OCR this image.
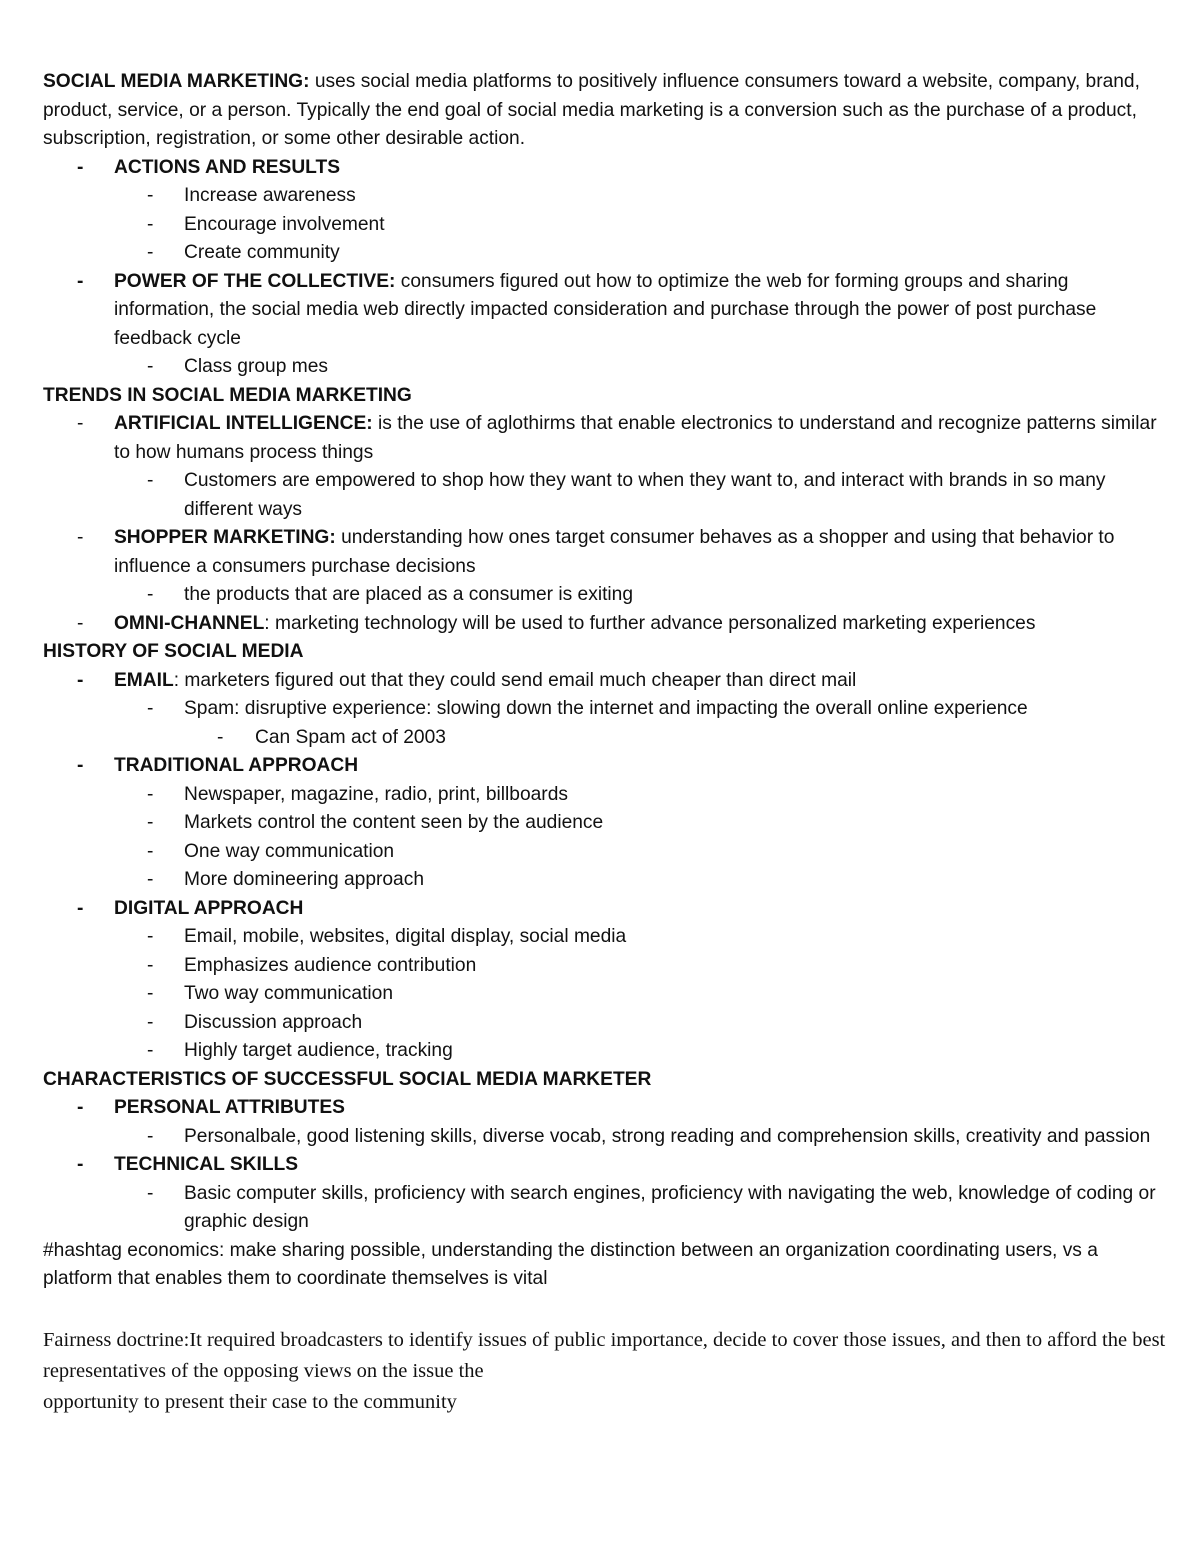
SOCIAL MEDIA MARKETING: uses social media platforms to positively influence consumers toward a website, company, brand, product, service, or a person. Typically the end goal of social media marketing is a conversion such as the purchase of a product, subscription, registration, or some other desirable action.

- ACTIONS AND RESULTS
- Increase awareness
- Encourage involvement
- Create community
- POWER OF THE COLLECTIVE: consumers figured out how to optimize the web for forming groups and sharing information, the social media web directly impacted consideration and purchase through the power of post purchase feedback cycle
- Class group mes
TRENDS IN SOCIAL MEDIA MARKETING
- ARTIFICIAL INTELLIGENCE: is the use of aglothirms that enable electronics to understand and recognize patterns similar to how humans process things
- Customers are empowered to shop how they want to when they want to, and interact with brands in so many different ways
- SHOPPER MARKETING: understanding how ones target consumer behaves as a shopper and using that behavior to influence a consumers purchase decisions
- the products that are placed as a consumer is exiting
- OMNI-CHANNEL: marketing technology will be used to further advance personalized marketing experiences
HISTORY OF SOCIAL MEDIA
- EMAIL: marketers figured out that they could send email much cheaper than direct mail
- Spam: disruptive experience: slowing down the internet and impacting the overall online experience
- Can Spam act of 2003
- TRADITIONAL APPROACH
- Newspaper, magazine, radio, print, billboards
- Markets control the content seen by the audience
- One way communication
- More domineering approach
- DIGITAL APPROACH
- Email, mobile, websites, digital display, social media
- Emphasizes audience contribution
- Two way communication
- Discussion approach
- Highly target audience, tracking
CHARACTERISTICS OF SUCCESSFUL SOCIAL MEDIA MARKETER
- PERSONAL ATTRIBUTES
- Personalbale, good listening skills, diverse vocab, strong reading and comprehension skills, creativity and passion
- TECHNICAL SKILLS
- Basic computer skills, proficiency with search engines, proficiency with navigating the web, knowledge of coding or graphic design

#hashtag economics: make sharing possible, understanding the distinction between an organization coordinating users, vs a platform that enables them to coordinate themselves is vital

Fairness doctrine:It required broadcasters to identify issues of public importance, decide to cover those issues, and then to afford the best representatives of the opposing views on the issue the
opportunity to present their case to the community
